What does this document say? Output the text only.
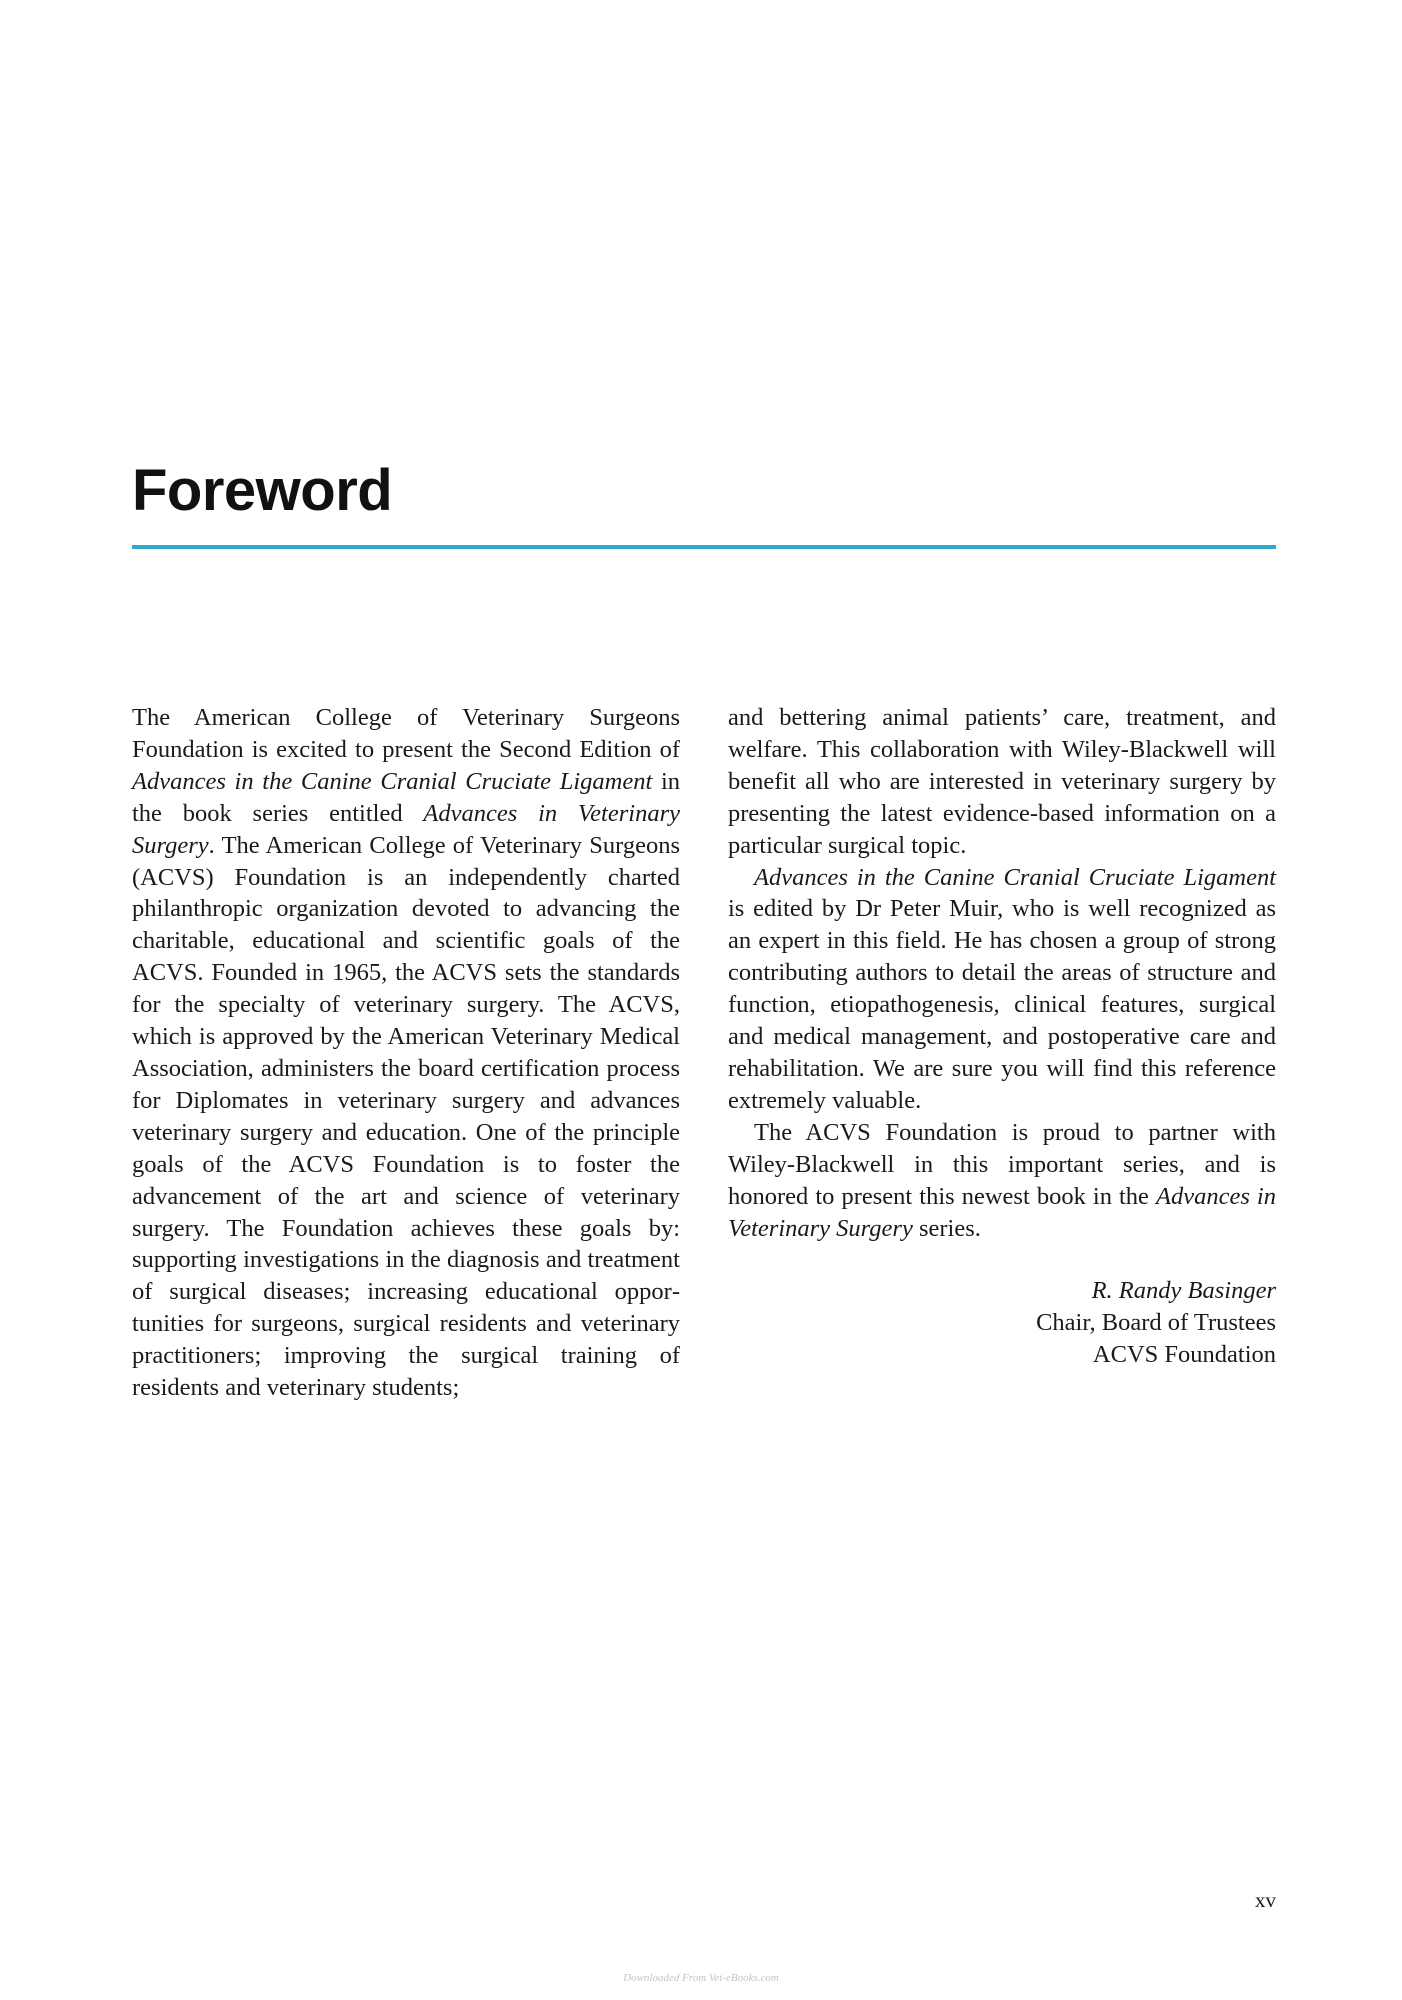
Foreword

The American College of Veterinary Surgeons Foundation is excited to present the Second Edition of Advances in the Canine Cranial Cruciate Ligament in the book series entitled Advances in Veterinary Surgery. The American College of Veterinary Surgeons (ACVS) Foundation is an independently charted philanthropic organization devoted to advancing the charitable, educational and scientific goals of the ACVS. Founded in 1965, the ACVS sets the standards for the specialty of veterinary surgery. The ACVS, which is approved by the American Veterinary Medical Association, administers the board certification process for Diplomates in veterinary surgery and advances veterinary surgery and education. One of the principle goals of the ACVS Foundation is to foster the advancement of the art and science of veterinary surgery. The Foundation achieves these goals by: supporting investigations in the diagnosis and treatment of surgical diseases; increasing educational opportunities for surgeons, surgical residents and veterinary practitioners; improving the surgical training of residents and veterinary students;

and bettering animal patients’ care, treatment, and welfare. This collaboration with Wiley-Blackwell will benefit all who are interested in veterinary surgery by presenting the latest evidence-based information on a particular surgical topic.

Advances in the Canine Cranial Cruciate Ligament is edited by Dr Peter Muir, who is well recognized as an expert in this field. He has chosen a group of strong contributing authors to detail the areas of structure and function, etiopathogenesis, clinical features, surgical and medical management, and postoperative care and rehabilitation. We are sure you will find this reference extremely valuable.

The ACVS Foundation is proud to partner with Wiley-Blackwell in this important series, and is honored to present this newest book in the Advances in Veterinary Surgery series.

R. Randy Basinger
Chair, Board of Trustees
ACVS Foundation
xv
Downloaded From Vet-eBooks.com
